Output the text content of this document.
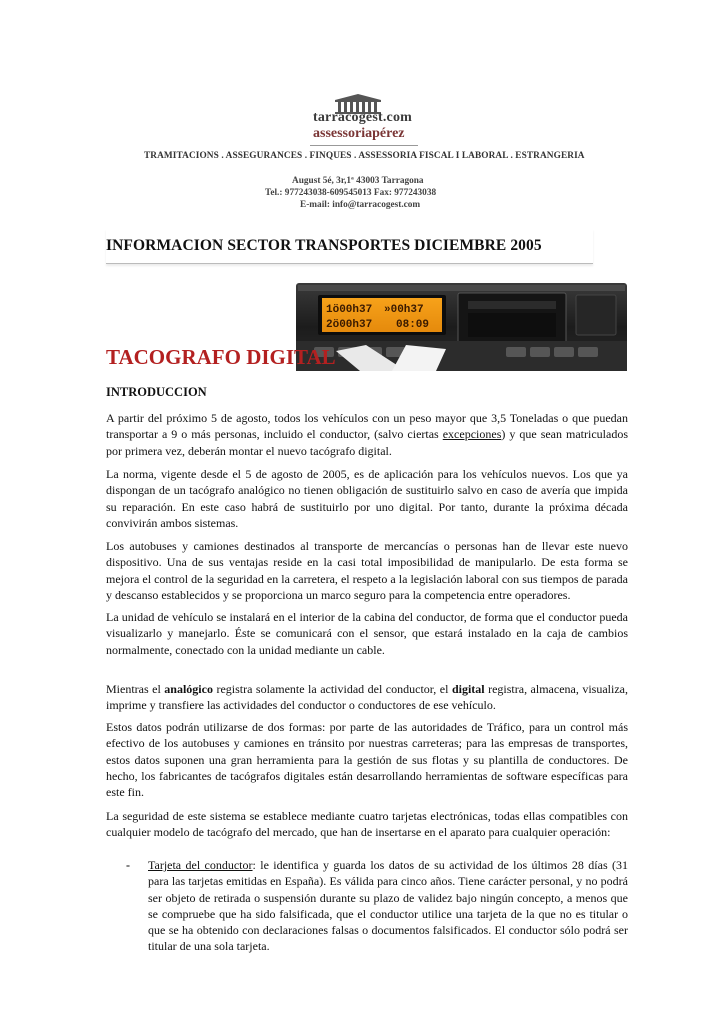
tarracogest.com
assessoriapérez
TRAMITACIONS . ASSEGURANCES . FINQUES . ASSESSORIA FISCAL I LABORAL . ESTRANGERIA
August 5é, 3r,1ª 43003 Tarragona
Tel.: 977243038-609545013 Fax: 977243038
E-mail: info@tarracogest.com
INFORMACION SECTOR TRANSPORTES DICIEMBRE 2005
1ö00h37 »00h37
2ö00h37 08:09
TACOGRAFO DIGITAL
INTRODUCCION

A partir del próximo 5 de agosto, todos los vehículos con un peso mayor que 3,5 Toneladas o que puedan transportar a 9 o más personas, incluido el conductor, (salvo ciertas excepciones) y que sean matriculados por primera vez, deberán montar el nuevo tacógrafo digital.

La norma, vigente desde el 5 de agosto de 2005, es de aplicación para los vehículos nuevos. Los que ya dispongan de un tacógrafo analógico no tienen obligación de sustituirlo salvo en caso de avería que impida su reparación. En este caso habrá de sustituirlo por uno digital. Por tanto, durante la próxima década convivirán ambos sistemas.

Los autobuses y camiones destinados al transporte de mercancías o personas han de llevar este nuevo dispositivo. Una de sus ventajas reside en la casi total imposibilidad de manipularlo. De esta forma se mejora el control de la seguridad en la carretera, el respeto a la legislación laboral con sus tiempos de parada y descanso establecidos y se proporciona un marco seguro para la competencia entre operadores.

La unidad de vehículo se instalará en el interior de la cabina del conductor, de forma que el conductor pueda visualizarlo y manejarlo. Éste se comunicará con el sensor, que estará instalado en la caja de cambios normalmente, conectado con la unidad mediante un cable.

Mientras el analógico registra solamente la actividad del conductor, el digital registra, almacena, visualiza, imprime y transfiere las actividades del conductor o conductores de ese vehículo.

Estos datos podrán utilizarse de dos formas: por parte de las autoridades de Tráfico, para un control más efectivo de los autobuses y camiones en tránsito por nuestras carreteras; para las empresas de transportes, estos datos suponen una gran herramienta para la gestión de sus flotas y su plantilla de conductores. De hecho, los fabricantes de tacógrafos digitales están desarrollando herramientas de software específicas para este fin.

La seguridad de este sistema se establece mediante cuatro tarjetas electrónicas, todas ellas compatibles con cualquier modelo de tacógrafo del mercado, que han de insertarse en el aparato para cualquier operación:

- Tarjeta del conductor: le identifica y guarda los datos de su actividad de los últimos 28 días (31 para las tarjetas emitidas en España). Es válida para cinco años. Tiene carácter personal, y no podrá ser objeto de retirada o suspensión durante su plazo de validez bajo ningún concepto, a menos que se compruebe que ha sido falsificada, que el conductor utilice una tarjeta de la que no es titular o que se ha obtenido con declaraciones falsas o documentos falsificados. El conductor sólo podrá ser titular de una sola tarjeta.
